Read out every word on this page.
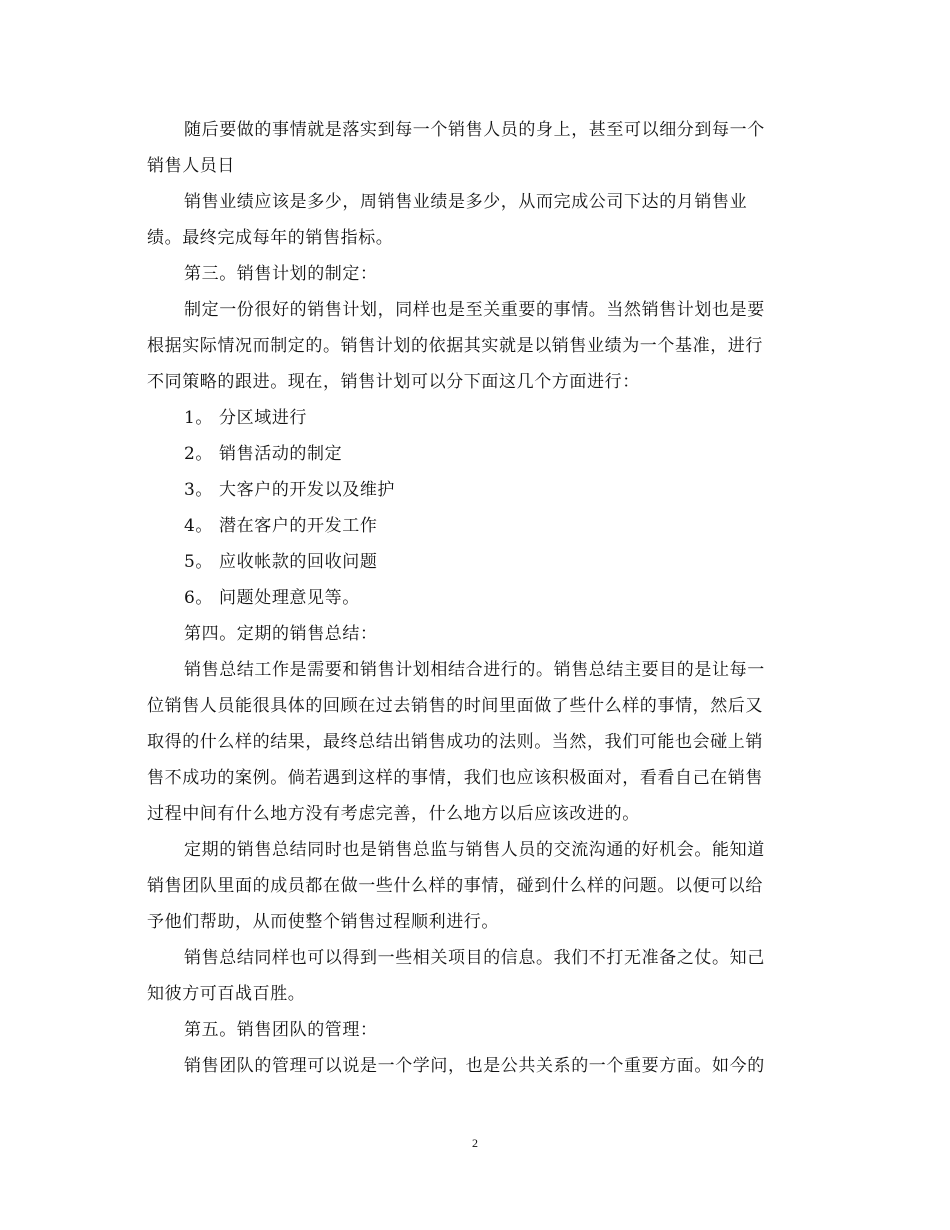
随后要做的事情就是落实到每一个销售人员的身上，甚至可以细分到每一个
销售人员日
销售业绩应该是多少，周销售业绩是多少，从而完成公司下达的月销售业
绩。最终完成每年的销售指标。
第三。销售计划的制定：
制定一份很好的销售计划，同样也是至关重要的事情。当然销售计划也是要
根据实际情况而制定的。销售计划的依据其实就是以销售业绩为一个基准，进行
不同策略的跟进。现在，销售计划可以分下面这几个方面进行：
1。 分区域进行
2。 销售活动的制定
3。 大客户的开发以及维护
4。 潜在客户的开发工作
5。 应收帐款的回收问题
6。 问题处理意见等。
第四。定期的销售总结：
销售总结工作是需要和销售计划相结合进行的。销售总结主要目的是让每一
位销售人员能很具体的回顾在过去销售的时间里面做了些什么样的事情，然后又
取得的什么样的结果，最终总结出销售成功的法则。当然，我们可能也会碰上销
售不成功的案例。倘若遇到这样的事情，我们也应该积极面对，看看自己在销售
过程中间有什么地方没有考虑完善，什么地方以后应该改进的。
定期的销售总结同时也是销售总监与销售人员的交流沟通的好机会。能知道
销售团队里面的成员都在做一些什么样的事情，碰到什么样的问题。以便可以给
予他们帮助，从而使整个销售过程顺利进行。
销售总结同样也可以得到一些相关项目的信息。我们不打无准备之仗。知己
知彼方可百战百胜。
第五。销售团队的管理：
销售团队的管理可以说是一个学问，也是公共关系的一个重要方面。如今的
2
